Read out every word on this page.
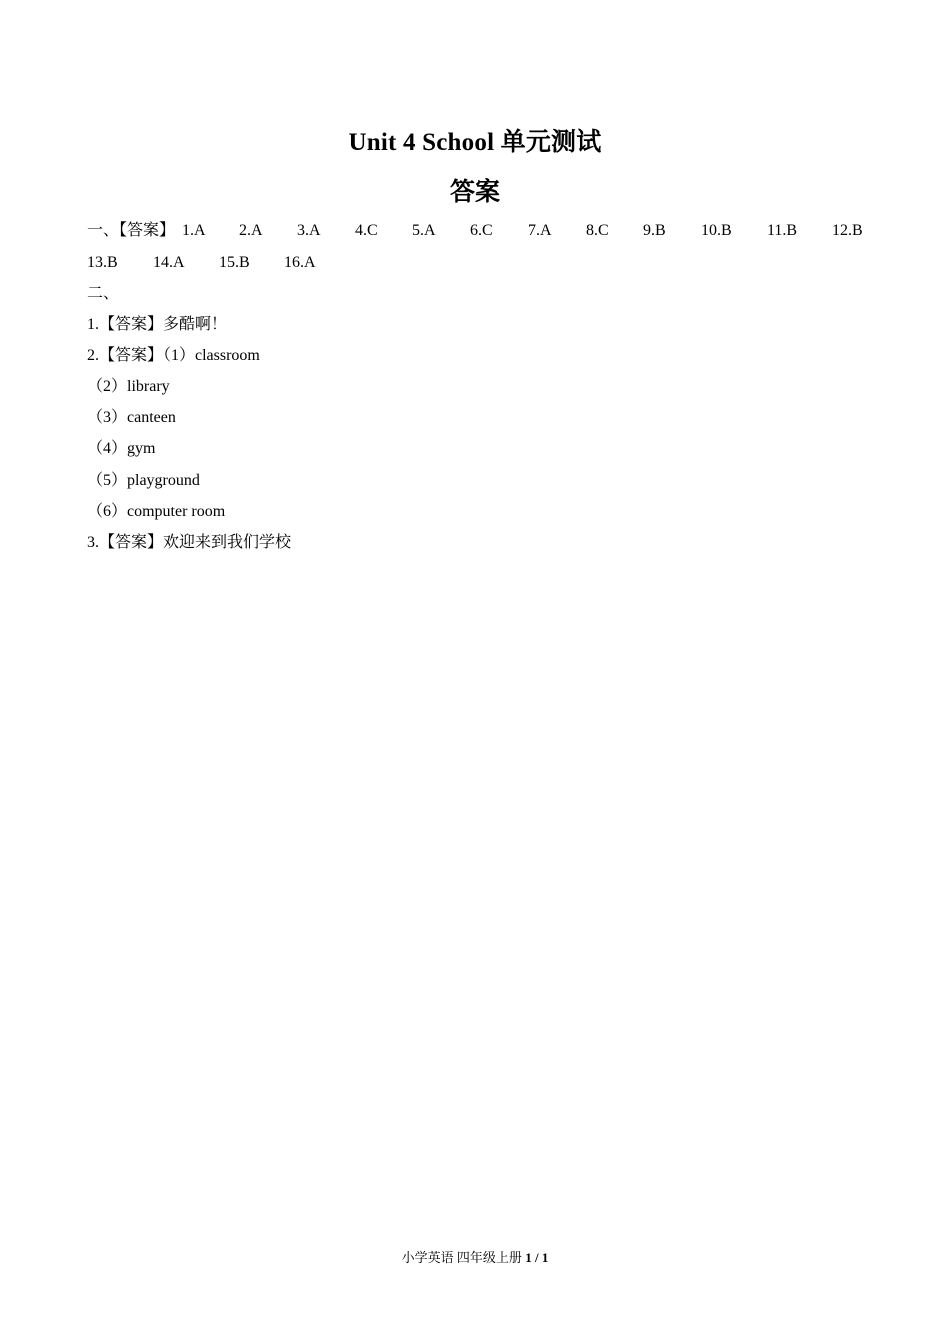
Unit 4 School 单元测试
答案
一、【答案】 1.A 2.A 3.A 4.C 5.A 6.C 7.A 8.C 9.B 10.B 11.B 12.B
13.B 14.A 15.B 16.A
二、
1.【答案】多酷啊！
2.【答案】（1）classroom
（2）library
（3）canteen
（4）gym
（5）playground
（6）computer room
3.【答案】欢迎来到我们学校
小学英语 四年级上册 1 / 1
